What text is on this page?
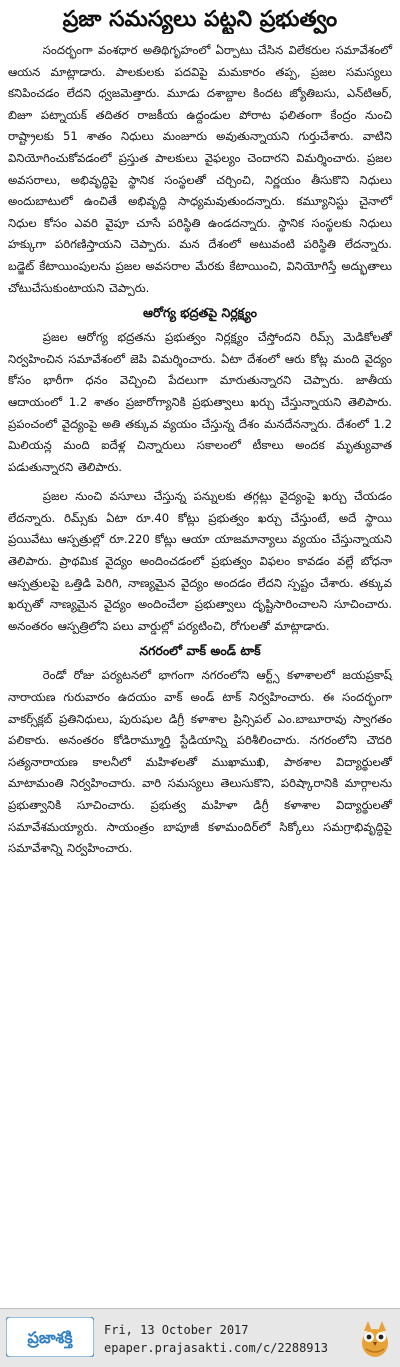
ప్రజా సమస్యలు పట్టని ప్రభుత్వం

సందర్భంగా వంశధార అతిథిగృహంలో ఏర్పాటు చేసిన విలేకరుల సమావేశంలో ఆయన మాట్లాడారు. పాలకులకు పదవిపై మమకారం తప్ప, ప్రజల సమస్యలు కనిపించడం లేదని ధ్వజమెత్తారు. మూడు దశాబ్దాల కిందట జ్యోతిబసు, ఎన్‌టిఆర్‌, బిజూ పట్నాయక్‌ తదితర రాజకీయ ఉద్దండుల పోరాట ఫలితంగా కేంద్రం నుంచి రాష్ట్రాలకు 51 శాతం నిధులు మంజూరు అవుతున్నాయని గుర్తుచేశారు. వాటిని వినియోగించుకోవడంలో ప్రస్తుత పాలకులు వైఫల్యం చెందారని విమర్శించారు. ప్రజల అవసరాలు, అభివృద్ధిపై స్థానిక సంస్థలతో చర్చించి, నిర్ణయం తీసుకొని నిధులు అందుబాటులో ఉంచితే అభివృద్ధి సాధ్యమవుతుందన్నారు. కమ్యూనిస్టు చైనాలో నిధుల కోసం ఎవరి వైపూ చూసే పరిస్థితి ఉండదన్నారు. స్థానిక సంస్థలకు నిధులు హక్కుగా పరిగణిస్తాయని చెప్పారు. మన దేశంలో అటువంటి పరిస్థితి లేదన్నారు. బడ్జెట్‌ కేటాయింపులను ప్రజల అవసరాల మేరకు కేటాయించి, వినియోగిస్తే అద్భుతాలు చోటుచేసుకుంటాయని చెప్పారు.

ఆరోగ్య భద్రతపై నిర్లక్ష్యం

ప్రజల ఆరోగ్య భద్రతను ప్రభుత్వం నిర్లక్ష్యం చేస్తోందని రిమ్స్‌ మెడికోలతో నిర్వహించిన సమావేశంలో జెపి విమర్శించారు. ఏటా దేశంలో ఆరు కోట్ల మంది వైద్యం కోసం భారీగా ధనం వెచ్చించి పేదలుగా మారుతున్నారని చెప్పారు. జాతీయ ఆదాయంలో 1.2 శాతం ప్రజారోగ్యానికి ప్రభుత్వాలు ఖర్చు చేస్తున్నాయని తెలిపారు. ప్రపంచంలో వైద్యంపై అతి తక్కువ వ్యయం చేస్తున్న దేశం మనదేనన్నారు. దేశంలో 1.2 మిలియన్ల మంది ఐదేళ్ల చిన్నారులు సకాలంలో టీకాలు అందక మృత్యువాత పడుతున్నారని తెలిపారు.

ప్రజల నుంచి వసూలు చేస్తున్న పన్నులకు తగ్గట్లు వైద్యంపై ఖర్చు చేయడం లేదన్నారు. రిమ్స్‌కు ఏటా రూ.40 కోట్లు ప్రభుత్వం ఖర్చు చేస్తుంటే, అదే స్థాయి ప్రయివేటు ఆస్పత్రుల్లో రూ.220 కోట్లు ఆయా యాజమాన్యాలు వ్యయం చేస్తున్నాయని తెలిపారు. ప్రాథమిక వైద్యం అందించడంలో ప్రభుత్వం విఫలం కావడం వల్లే బోధనా ఆస్పత్రులపై ఒత్తిడి పెరిగి, నాణ్యమైన వైద్యం అందడం లేదని స్పష్టం చేశారు. తక్కువ ఖర్చుతో నాణ్యమైన వైద్యం అందించేలా ప్రభుత్వాలు దృష్టిసారించాలని సూచించారు. అనంతరం ఆస్పత్రిలోని పలు వార్డుల్లో పర్యటించి, రోగులతో మాట్లాడారు.

నగరంలో వాక్‌ అండ్‌ టాక్‌

రెండో రోజు పర్యటనలో భాగంగా నగరంలోని ఆర్ట్స్‌ కళాశాలలో జయప్రకాష్‌ నారాయణ గురువారం ఉదయం వాక్‌ అండ్‌ టాక్‌ నిర్వహించారు. ఈ సందర్భంగా వాకర్స్‌క్లబ్‌ ప్రతినిధులు, పురుషుల డిగ్రీ కళాశాల ప్రిన్సిపల్‌ ఎం.బాబూరావు స్వాగతం పలికారు. అనంతరం కోడిరామ్మూర్తి స్టేడియాన్ని పరిశీలించారు. నగరంలోని చౌదరి సత్యనారాయణ కాలనీలో మహిళలతో ముఖాముఖి, పాఠశాల విద్యార్థులతో మాటామంతి నిర్వహించారు. వారి సమస్యలు తెలుసుకొని, పరిష్కారానికి మార్గాలను ప్రభుత్వానికి సూచించారు. ప్రభుత్వ మహిళా డిగ్రీ కళాశాల విద్యార్థులతో సమావేశమయ్యారు. సాయంత్రం బాపూజీ కళామందిర్‌లో సిక్కోలు సమగ్రాభివృద్ధిపై సమావేశాన్ని నిర్వహించారు.

ప్రజాశక్తి	Fri, 13 October 2017
epaper.prajasakti.com/c/2288913
